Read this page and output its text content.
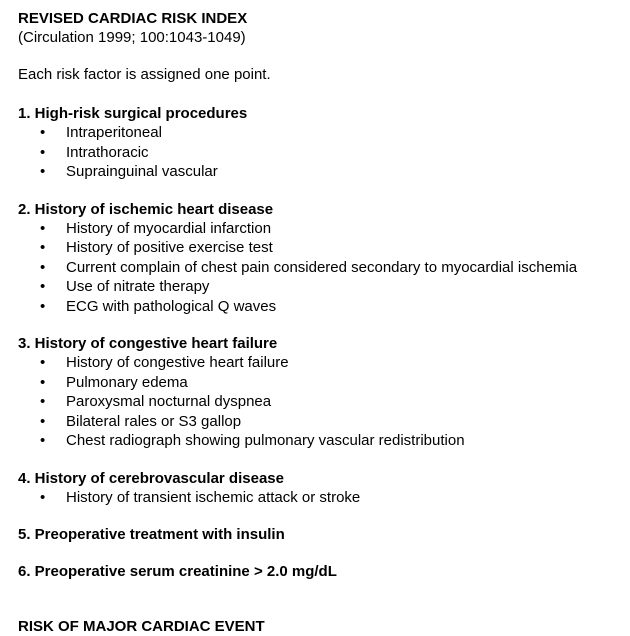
REVISED CARDIAC RISK INDEX

(Circulation 1999; 100:1043-1049)

Each risk factor is assigned one point.

1. High-risk surgical procedures

• Intraperitoneal
• Intrathoracic
• Suprainguinal vascular

2. History of ischemic heart disease

• History of myocardial infarction
• History of positive exercise test
• Current complain of chest pain considered secondary to myocardial ischemia
• Use of nitrate therapy
• ECG with pathological Q waves

3. History of congestive heart failure

• History of congestive heart failure
• Pulmonary edema
• Paroxysmal nocturnal dyspnea
• Bilateral rales or S3 gallop
• Chest radiograph showing pulmonary vascular redistribution

4. History of cerebrovascular disease

• History of transient ischemic attack or stroke

5. Preoperative treatment with insulin

6. Preoperative serum creatinine > 2.0 mg/dL

RISK OF MAJOR CARDIAC EVENT
